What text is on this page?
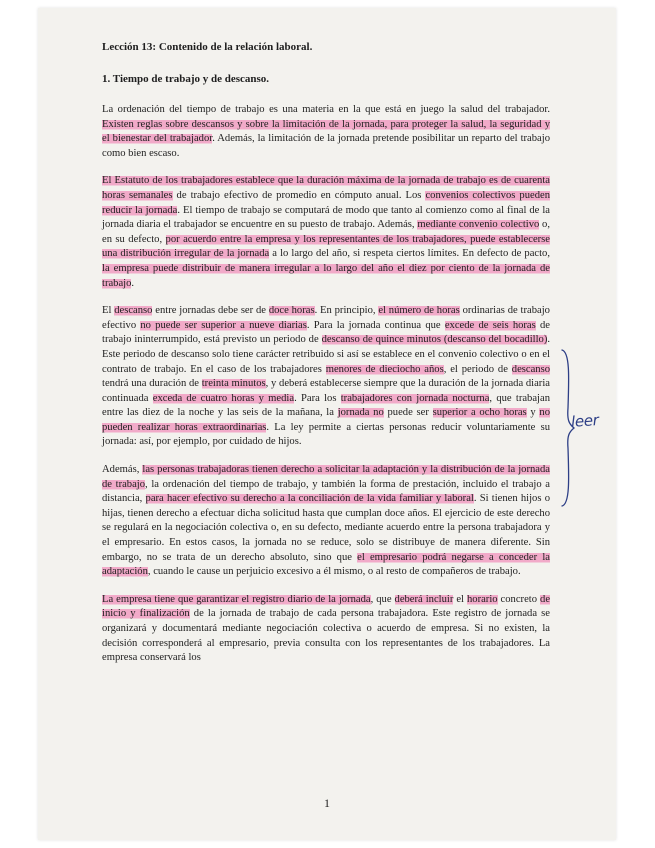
Lección 13: Contenido de la relación laboral.
1. Tiempo de trabajo y de descanso.
La ordenación del tiempo de trabajo es una materia en la que está en juego la salud del trabajador. Existen reglas sobre descansos y sobre la limitación de la jornada, para proteger la salud, la seguridad y el bienestar del trabajador. Además, la limitación de la jornada pretende posibilitar un reparto del trabajo como bien escaso.
El Estatuto de los trabajadores establece que la duración máxima de la jornada de trabajo es de cuarenta horas semanales de trabajo efectivo de promedio en cómputo anual. Los convenios colectivos pueden reducir la jornada. El tiempo de trabajo se computará de modo que tanto al comienzo como al final de la jornada diaria el trabajador se encuentre en su puesto de trabajo. Además, mediante convenio colectivo o, en su defecto, por acuerdo entre la empresa y los representantes de los trabajadores, puede establecerse una distribución irregular de la jornada a lo largo del año, si respeta ciertos límites. En defecto de pacto, la empresa puede distribuir de manera irregular a lo largo del año el diez por ciento de la jornada de trabajo.
El descanso entre jornadas debe ser de doce horas. En principio, el número de horas ordinarias de trabajo efectivo no puede ser superior a nueve diarias. Para la jornada continua que excede de seis horas de trabajo ininterrumpido, está previsto un periodo de descanso de quince minutos (descanso del bocadillo). Este periodo de descanso solo tiene carácter retribuido si así se establece en el convenio colectivo o en el contrato de trabajo. En el caso de los trabajadores menores de dieciocho años, el periodo de descanso tendrá una duración de treinta minutos, y deberá establecerse siempre que la duración de la jornada diaria continuada exceda de cuatro horas y media. Para los trabajadores con jornada nocturna, que trabajan entre las diez de la noche y las seis de la mañana, la jornada no puede ser superior a ocho horas y no pueden realizar horas extraordinarias. La ley permite a ciertas personas reducir voluntariamente su jornada: así, por ejemplo, por cuidado de hijos.
Además, las personas trabajadoras tienen derecho a solicitar la adaptación y la distribución de la jornada de trabajo, la ordenación del tiempo de trabajo, y también la forma de prestación, incluido el trabajo a distancia, para hacer efectivo su derecho a la conciliación de la vida familiar y laboral. Si tienen hijos o hijas, tienen derecho a efectuar dicha solicitud hasta que cumplan doce años. El ejercicio de este derecho se regulará en la negociación colectiva o, en su defecto, mediante acuerdo entre la persona trabajadora y el empresario. En estos casos, la jornada no se reduce, solo se distribuye de manera diferente. Sin embargo, no se trata de un derecho absoluto, sino que el empresario podrá negarse a conceder la adaptación, cuando le cause un perjuicio excesivo a él mismo, o al resto de compañeros de trabajo.
La empresa tiene que garantizar el registro diario de la jornada, que deberá incluir el horario concreto de inicio y finalización de la jornada de trabajo de cada persona trabajadora. Este registro de jornada se organizará y documentará mediante negociación colectiva o acuerdo de empresa. Si no existen, la decisión corresponderá al empresario, previa consulta con los representantes de los trabajadores. La empresa conservará los
leer
1
